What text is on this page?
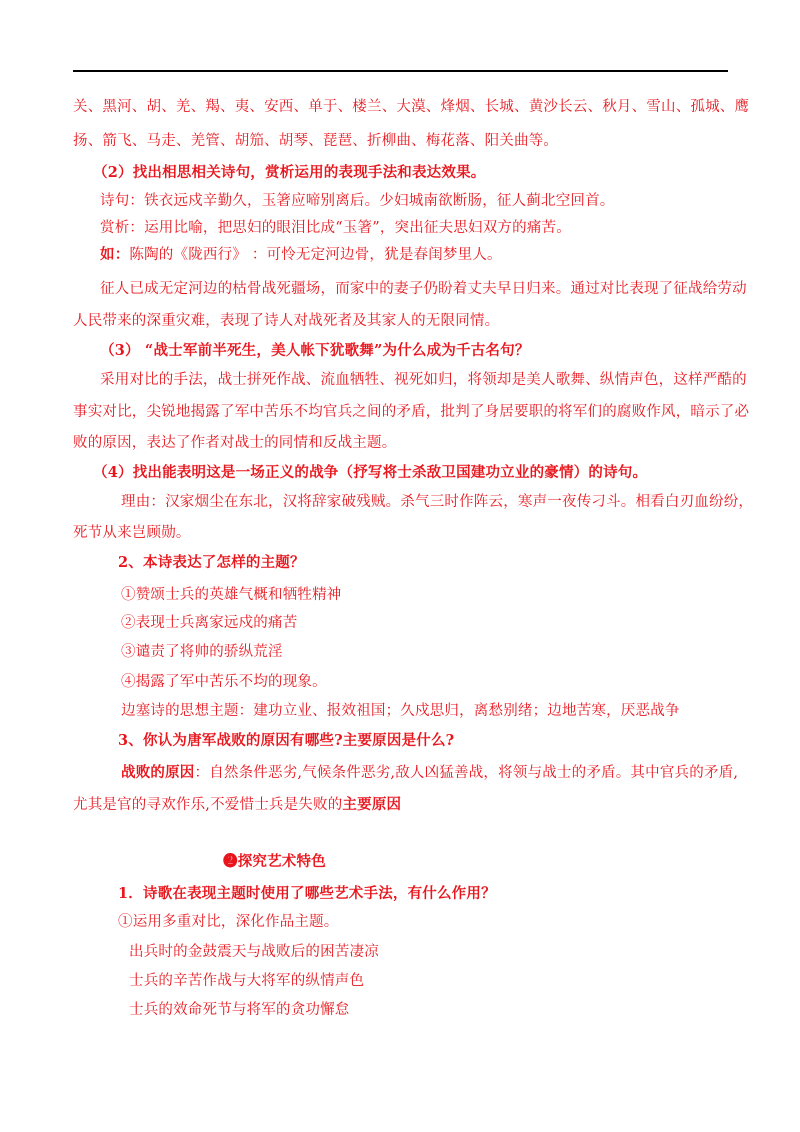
关、黑河、胡、羌、羯、夷、安西、单于、楼兰、大漠、烽烟、长城、黄沙长云、秋月、雪山、孤城、鹰
扬、箭飞、马走、羌管、胡笳、胡琴、琵琶、折柳曲、梅花落、阳关曲等。
（2）找出相思相关诗句，赏析运用的表现手法和表达效果。
诗句：铁衣远戍辛勤久，玉箸应啼别离后。少妇城南欲断肠，征人蓟北空回首。
赏析：运用比喻，把思妇的眼泪比成“玉箸”，突出征夫思妇双方的痛苦。
如：陈陶的《陇西行》 ：可怜无定河边骨，犹是春闺梦里人。
征人已成无定河边的枯骨战死疆场，而家中的妻子仍盼着丈夫早日归来。通过对比表现了征战给劳动
人民带来的深重灾难，表现了诗人对战死者及其家人的无限同情。
（3） “战士军前半死生，美人帐下犹歌舞”为什么成为千古名句？
采用对比的手法，战士拼死作战、流血牺牲、视死如归，将领却是美人歌舞、纵情声色，这样严酷的
事实对比，尖锐地揭露了军中苦乐不均官兵之间的矛盾，批判了身居要职的将军们的腐败作风，暗示了必
败的原因，表达了作者对战士的同情和反战主题。
（4）找出能表明这是一场正义的战争（抒写将士杀敌卫国建功立业的豪情）的诗句。
理由：汉家烟尘在东北，汉将辞家破残贼。杀气三时作阵云，寒声一夜传刁斗。相看白刃血纷纷，
死节从来岂顾勋。
2、本诗表达了怎样的主题？
①赞颂士兵的英雄气概和牺牲精神
②表现士兵离家远戍的痛苦
③谴责了将帅的骄纵荒淫
④揭露了军中苦乐不均的现象。
边塞诗的思想主题：建功立业、报效祖国；久戍思归，离愁别绪；边地苦寒，厌恶战争
3、你认为唐军战败的原因有哪些?主要原因是什么?
战败的原因：自然条件恶劣,气候条件恶劣,敌人凶猛善战，将领与战士的矛盾。其中官兵的矛盾,
尤其是官的寻欢作乐,不爱惜士兵是失败的主要原因
❷探究艺术特色
1．诗歌在表现主题时使用了哪些艺术手法，有什么作用？
①运用多重对比，深化作品主题。
出兵时的金鼓震天与战败后的困苦凄凉
士兵的辛苦作战与大将军的纵情声色
士兵的效命死节与将军的贪功懈怠
